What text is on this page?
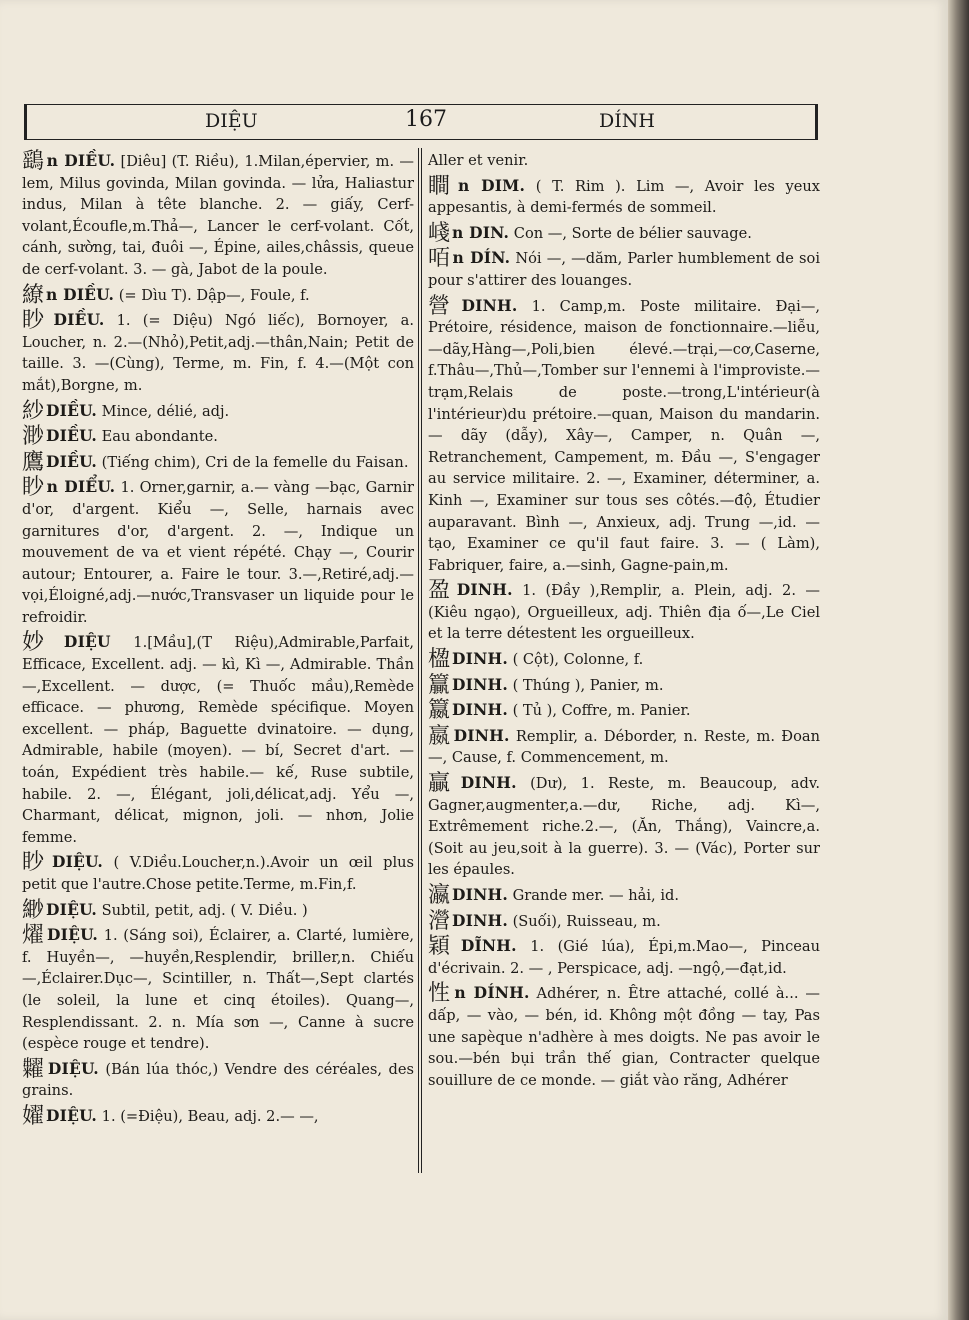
DIỆU	167	DÍNH
鷂 n DIỀU. [Diêu] (T. Riều), 1.Milan,épervier, m. — lem, Milus govinda, Milan govinda. — lửa, Haliastur indus, Milan à tête blanche. 2. — giấy, Cerf-volant,Écoufle,m.Thả—, Lancer le cerf-volant. Cốt, cánh, sườ̀ng, tai, đuôi —, Épine, ailes,châssis, queue de cerf-volant. 3. — gà, Jabot de la poule.
繚 n DIỀU. (= Dìu T). Dập—, Foule, f.
眇 DIỀU. 1. (= Diệu) Ngó liếc), Bornoyer, a. Loucher, n. 2.—(Nhỏ),Petit,adj.—thân,Nain; Petit de taille. 3. —(Cùng), Terme, m. Fin, f. 4.—(Một con mắt),Borgne, m.
紗 DIỀU. Mince, délié, adj.
渺 DIỀU. Eau abondante.
鷹 DIỀU. (Tiếng chim), Cri de la femelle du Faisan.
眇 n DIỂU. 1. Orner,garnir, a.— vàng —bạc, Garnir d'or, d'argent. Kiểu —, Selle, harnais avec garnitures d'or, d'argent. 2. —, Indique un mouvement de va et vient répété. Chạy —, Courir autour; Entourer, a. Faire le tour. 3.—,Retiré,adj.—vọi,Éloigné,adj.—nước,Transvaser un liquide pour le refroidir.
妙 DIỆU 1.[Mầu],(T Riệu),Admirable,Parfait, Efficace, Excellent. adj. — kì, Kì —, Admirable. Thần—,Excellent. — dược, (= Thuốc mầu),Remède efficace. — phương, Remède spécifique. Moyen excellent. — pháp, Baguette dvinatoire. — dụng, Admirable, habile (moyen). — bí, Secret d'art. — toán, Expédient très habile.— kế, Ruse subtile, habile. 2. —, Élégant, joli,délicat,adj. Yểu —, Charmant, délicat, mignon, joli. — nhơn, Jolie femme.
眇 DIỆU. ( V.Diều.Loucher,n.).Avoir un œil plus petit que l'autre.Chose petite.Terme, m.Fin,f.
緲 DIỆU. Subtil, petit, adj. ( V. Diều. )
燿 DIỆU. 1. (Sáng soi), Éclairer, a. Clarté, lumière, f. Huyền—, —huyền,Resplendir, briller,n. Chiếu—,Éclairer.Dục—, Scintiller, n. Thất—,Sept clartés (le soleil, la lune et cinq étoiles). Quang—, Resplendissant. 2. n. Mía sơn —, Canne à sucre (espèce rouge et tendre).
糶 DIỆU. (Bán lúa thóc,) Vendre des céréales, des grains.
嬥 DIỆU. 1. (=Điệu), Beau, adj. 2.— —,
Aller et venir.
瞷 n DIM. ( T. Rim ). Lim —, Avoir les yeux appesantis, à demi-fermés de sommeil.
㟞 n DIN. Con —, Sorte de bélier sauvage.
咟 n DÍN. Nói —, —dăm, Parler humblement de soi pour s'attirer des louanges.
營 DINH. 1. Camp,m. Poste militaire. Đại—, Prétoire, résidence, maison de fonctionnaire.—liễu, —dãy,Hàng—,Poli,bien élevé.—trại,—cơ,Caserne, f.Thâu—,Thủ—,Tomber sur l'ennemi à l'improviste.—trạm,Relais de poste.—trong,L'intérieur(à l'intérieur)du prétoire.—quan, Maison du mandarin. — dãy (dẫy), Xây—, Camper, n. Quân —, Retranchement, Campement, m. Đầu —, S'engager au service militaire. 2. —, Examiner, déterminer, a. Kinh —, Examiner sur tous ses côtés.—độ, Étudier auparavant. Bình —, Anxieux, adj. Trung —,id. — tạo, Examiner ce qu'il faut faire. 3. — ( Làm), Fabriquer, faire, a.—sinh, Gagne-pain,m.
盈 DINH. 1. (Đầy ),Remplir, a. Plein, adj. 2. — (Kiêu ngạo), Orgueilleux, adj. Thiên địa ố—,Le Ciel et la terre détestent les orgueilleux.
楹 DINH. ( Cột), Colonne, f.
籯 DINH. ( Thúng ), Panier, m.
籝 DINH. ( Tủ ), Coffre, m. Panier.
嬴 DINH. Remplir, a. Déborder, n. Reste, m. Đoan —, Cause, f. Commencement, m.
贏 DINH. (Dư), 1. Reste, m. Beaucoup, adv. Gagner,augmenter,a.—dư, Riche, adj. Kì—, Extrêmement riche.2.—, (Ăn, Thắng), Vaincre,a. (Soit au jeu,soit à la guerre). 3. — (Vác), Porter sur les épaules.
瀛 DINH. Grande mer. — hải, id.
瀯 DINH. (Suối), Ruisseau, m.
穎 DĨNH. 1. (Gié lúa), Épi,m.Mao—, Pinceau d'écrivain. 2. — , Perspicace, adj. —ngộ,—đạt,id.
性 n DÍNH. Adhérer, n. Être attaché, collé à... — dấp, — vào, — bén, id. Không một đồng — tay, Pas une sapèque n'adhère à mes doigts. Ne pas avoir le sou.—bén bụi trần thế gian, Contracter quelque souillure de ce monde. — giắt vào răng, Adhérer
